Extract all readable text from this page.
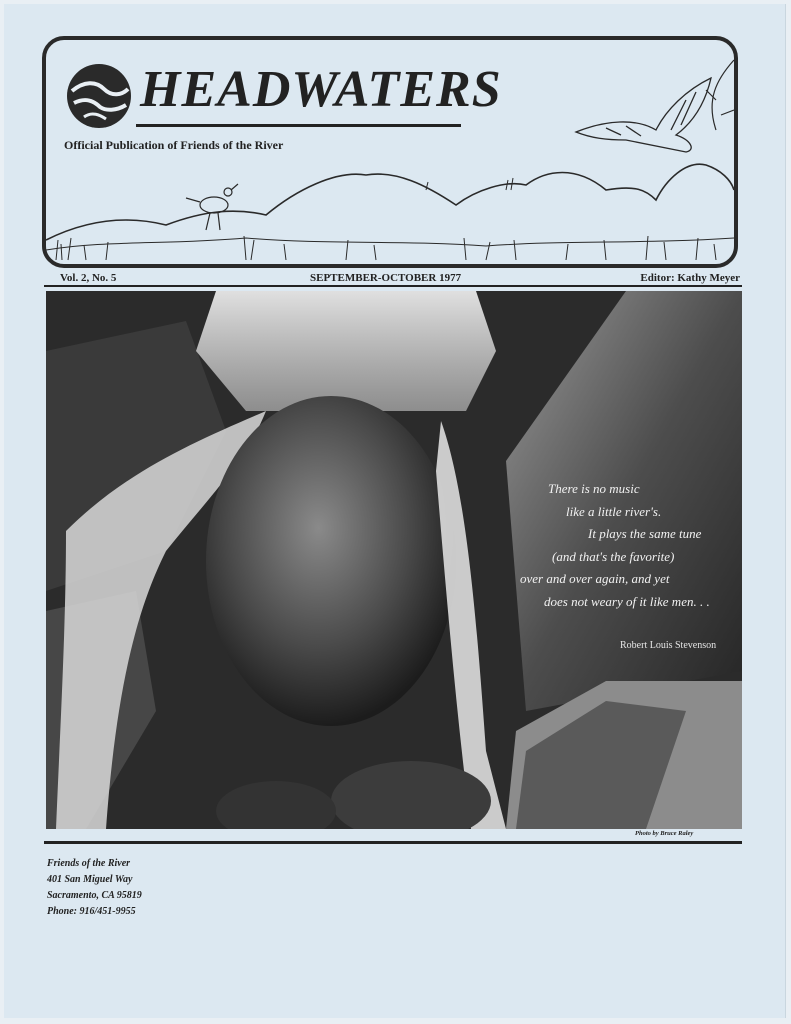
HEADWATERS
Official Publication of Friends of the River
Vol. 2, No. 5	SEPTEMBER-OCTOBER 1977	Editor: Kathy Meyer
There is no music
like a little river's.
It plays the same tune
(and that's the favorite)
over and over again, and yet
does not weary of it like men. . .
Robert Louis Stevenson
Photo by Bruce Raley
Friends of the River
401 San Miguel Way
Sacramento, CA 95819
Phone: 916/451-9955
